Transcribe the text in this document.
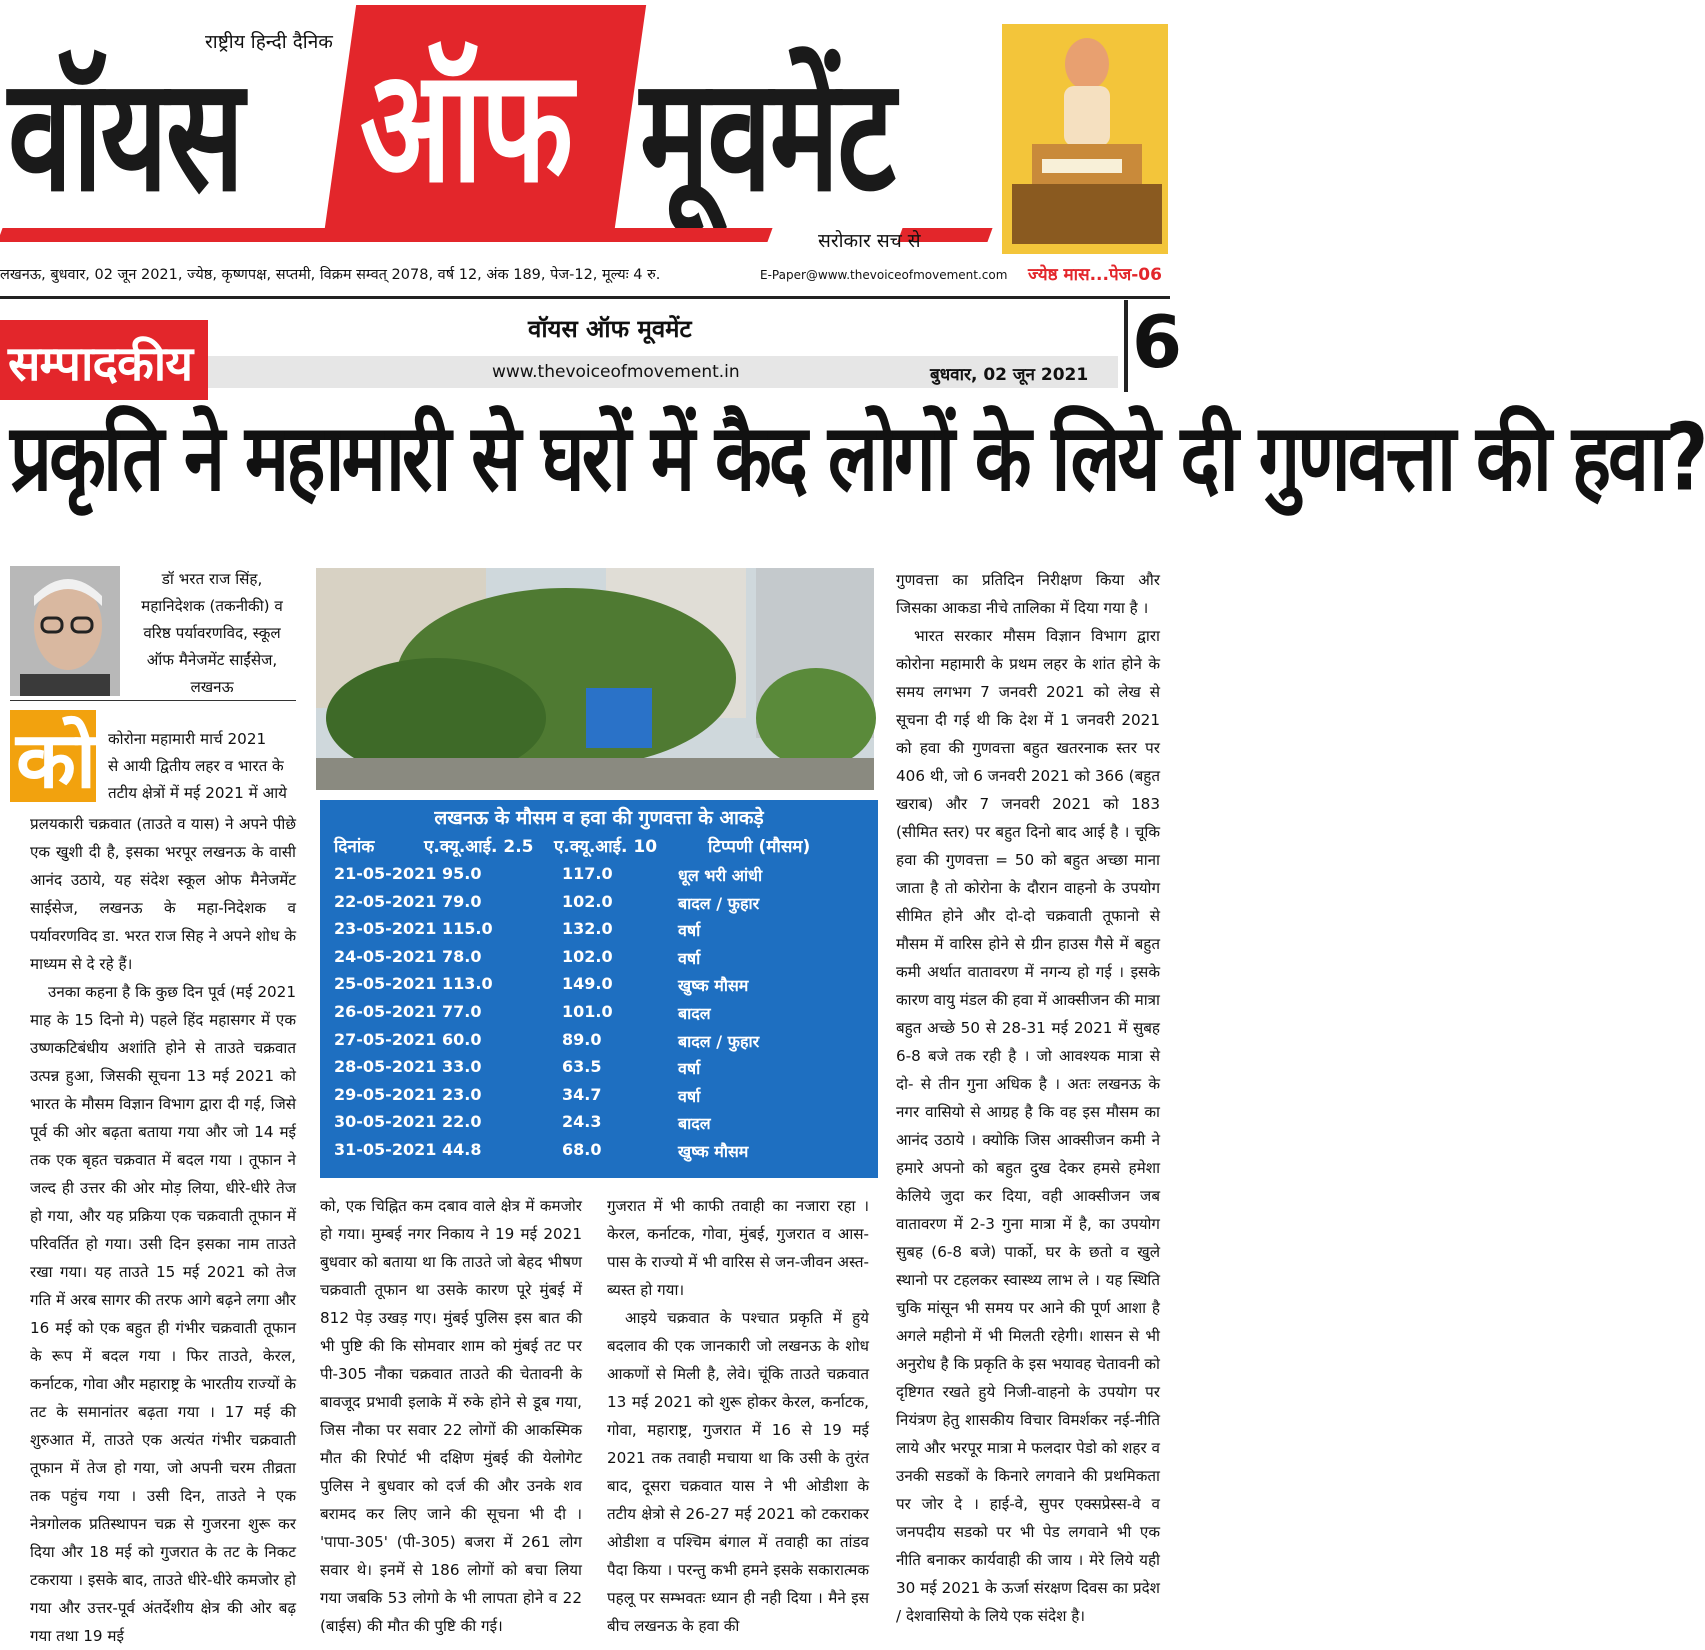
राष्ट्रीय हिन्दी दैनिक
वॉयस ऑफ मूवमेंट
सरोकार सच से
लखनऊ, बुधवार, 02 जून 2021, ज्येष्ठ, कृष्णपक्ष, सप्तमी, विक्रम सम्वत् 2078, वर्ष 12, अंक 189, पेज-12, मूल्यः 4 रु.	E-Paper@www.thevoiceofmovement.com ज्येष्ठ मास...पेज-06
सम्पादकीय
वॉयस ऑफ मूवमेंट
www.thevoiceofmovement.in	बुधवार, 02 जून 2021 6
प्रकृति ने महामारी से घरों में कैद लोगों के लिये दी गुणवत्ता की हवा?
डॉ भरत राज सिंह,
महानिदेशक (तकनीकी) व
वरिष्ठ पर्यावरणविद, स्कूल
ऑफ मैनेजमेंट साईंसेज,
लखनऊ
को कोरोना महामारी मार्च 2021
से आयी द्वितीय लहर व भारत के
तटीय क्षेत्रों में मई 2021 में आये

प्रलयकारी चक्रवात (ताउते व यास) ने अपने पीछे एक खुशी दी है, इसका भरपूर लखनऊ के वासी आनंद उठाये, यह संदेश स्कूल ओफ मैनेजमेंट साईसेज, लखनऊ के महा-निदेशक व पर्यावरणविद डा. भरत राज सिह ने अपने शोध के माध्यम से दे रहे हैं।

उनका कहना है कि कुछ दिन पूर्व (मई 2021 माह के 15 दिनो मे) पहले हिंद महासगर में एक उष्णकटिबंधीय अशांति होने से ताउते चक्रवात उत्पन्न हुआ, जिसकी सूचना 13 मई 2021 को भारत के मौसम विज्ञान विभाग द्वारा दी गई, जिसे पूर्व की ओर बढ़ता बताया गया और जो 14 मई तक एक बृहत चक्रवात में बदल गया । तूफान ने जल्द ही उत्तर की ओर मोड़ लिया, धीरे-धीरे तेज हो गया, और यह प्रक्रिया एक चक्रवाती तूफान में परिवर्तित हो गया। उसी दिन इसका नाम ताउते रखा गया। यह ताउते 15 मई 2021 को तेज गति में अरब सागर की तरफ आगे बढ़ने लगा और 16 मई को एक बहुत ही गंभीर चक्रवाती तूफान के रूप में बदल गया । फिर ताउते, केरल, कर्नाटक, गोवा और महाराष्ट्र के भारतीय राज्यों के तट के समानांतर बढ़ता गया । 17 मई की शुरुआत में, ताउते एक अत्यंत गंभीर चक्रवाती तूफान में तेज हो गया, जो अपनी चरम तीव्रता तक पहुंच गया । उसी दिन, ताउते ने एक नेत्रगोलक प्रतिस्थापन चक्र से गुजरना शुरू कर दिया और 18 मई को गुजरात के तट के निकट टकराया । इसके बाद, ताउते धीरे-धीरे कमजोर हो गया और उत्तर-पूर्व अंतर्देशीय क्षेत्र की ओर बढ़ गया तथा 19 मई

लखनऊ के मौसम व हवा की गुणवत्ता के आकड़े
दिनांक	ए.क्यू.आई. 2.5 ए.क्यू.आई. 10	टिप्पणी (मौसम)
21-05-2021 95.0	117.0	धूल भरी आंधी
22-05-2021 79.0	102.0	बादल / फुहार
23-05-2021 115.0	132.0	वर्षा
24-05-2021 78.0	102.0	वर्षा
25-05-2021 113.0	149.0	खुष्क मौसम
26-05-2021 77.0	101.0	बादल
27-05-2021 60.0	89.0	बादल / फुहार
28-05-2021 33.0	63.5	वर्षा
29-05-2021 23.0	34.7	वर्षा
30-05-2021 22.0	24.3	बादल
31-05-2021 44.8	68.0	खुष्क मौसम

को, एक चिह्नित कम दबाव वाले क्षेत्र में कमजोर हो गया। मुम्बई नगर निकाय ने 19 मई 2021 बुधवार को बताया था कि ताउते जो बेहद भीषण चक्रवाती तूफान था उसके कारण पूरे मुंबई में 812 पेड़ उखड़ गए। मुंबई पुलिस इस बात की भी पुष्टि की कि सोमवार शाम को मुंबई तट पर पी-305 नौका चक्रवात ताउते की चेतावनी के बावजूद प्रभावी इलाके में रुके होने से डूब गया, जिस नौका पर सवार 22 लोगों की आकस्मिक मौत की रिपोर्ट भी दक्षिण मुंबई की येलोगेट पुलिस ने बुधवार को दर्ज की और उनके शव बरामद कर लिए जाने की सूचना भी दी । 'पापा-305' (पी-305) बजरा में 261 लोग सवार थे। इनमें से 186 लोगों को बचा लिया गया जबकि 53 लोगो के भी लापता होने व 22 (बाईस) की मौत की पुष्टि की गई।

गुजरात में भी काफी तवाही का नजारा रहा । केरल, कर्नाटक, गोवा, मुंबई, गुजरात व आस-पास के राज्यो में भी वारिस से जन-जीवन अस्त-ब्यस्त हो गया।

आइये चक्रवात के पश्चात प्रकृति में हुये बदलाव की एक जानकारी जो लखनऊ के शोध आकणों से मिली है, लेवे। चूंकि ताउते चक्रवात 13 मई 2021 को शुरू होकर केरल, कर्नाटक, गोवा, महाराष्ट्र, गुजरात में 16 से 19 मई 2021 तक तवाही मचाया था कि उसी के तुरंत बाद, दूसरा चक्रवात यास ने भी ओडीशा के तटीय क्षेत्रो से 26-27 मई 2021 को टकराकर ओडीशा व पश्चिम बंगाल में तवाही का तांडव पैदा किया । परन्तु कभी हमने इसके सकारात्मक पहलू पर सम्भवतः ध्यान ही नही दिया । मैने इस बीच लखनऊ के हवा की

गुणवत्ता का प्रतिदिन निरीक्षण किया और जिसका आकडा नीचे तालिका में दिया गया है ।

भारत सरकार मौसम विज्ञान विभाग द्वारा कोरोना महामारी के प्रथम लहर के शांत होने के समय लगभग 7 जनवरी 2021 को लेख से सूचना दी गई थी कि देश में 1 जनवरी 2021 को हवा की गुणवत्ता बहुत खतरनाक स्तर पर 406 थी, जो 6 जनवरी 2021 को 366 (बहुत खराब) और 7 जनवरी 2021 को 183 (सीमित स्तर) पर बहुत दिनो बाद आई है । चूकि हवा की गुणवत्ता = 50 को बहुत अच्छा माना जाता है तो कोरोना के दौरान वाहनो के उपयोग सीमित होने और दो-दो चक्रवाती तूफानो से मौसम में वारिस होने से ग्रीन हाउस गैसे में बहुत कमी अर्थात वातावरण में नगन्य हो गई । इसके कारण वायु मंडल की हवा में आक्सीजन की मात्रा बहुत अच्छे 50 से 28-31 मई 2021 में सुबह 6-8 बजे तक रही है । जो आवश्यक मात्रा से दो- से तीन गुना अधिक है । अतः लखनऊ के नगर वासियो से आग्रह है कि वह इस मौसम का आनंद उठाये । क्योकि जिस आक्सीजन कमी ने हमारे अपनो को बहुत दुख देकर हमसे हमेशा केलिये जुदा कर दिया, वही आक्सीजन जब वातावरण में 2-3 गुना मात्रा में है, का उपयोग सुबह (6-8 बजे) पार्को, घर के छतो व खुले स्थानो पर टहलकर स्वास्थ्य लाभ ले । यह स्थिति चुकि मांसून भी समय पर आने की पूर्ण आशा है अगले महीनो में भी मिलती रहेगी। शासन से भी अनुरोध है कि प्रकृति के इस भयावह चेतावनी को दृष्टिगत रखते हुये निजी-वाहनो के उपयोग पर नियंत्रण हेतु शासकीय विचार विमर्शकर नई-नीति लाये और भरपूर मात्रा मे फलदार पेडो को शहर व उनकी सडकों के किनारे लगवाने की प्रथमिकता पर जोर दे । हाई-वे, सुपर एक्सप्रेस्स-वे व जनपदीय सडको पर भी पेड लगवाने भी एक नीति बनाकर कार्यवाही की जाय । मेरे लिये यही 30 मई 2021 के ऊर्जा संरक्षण दिवस का प्रदेश / देशवासियो के लिये एक संदेश है।
